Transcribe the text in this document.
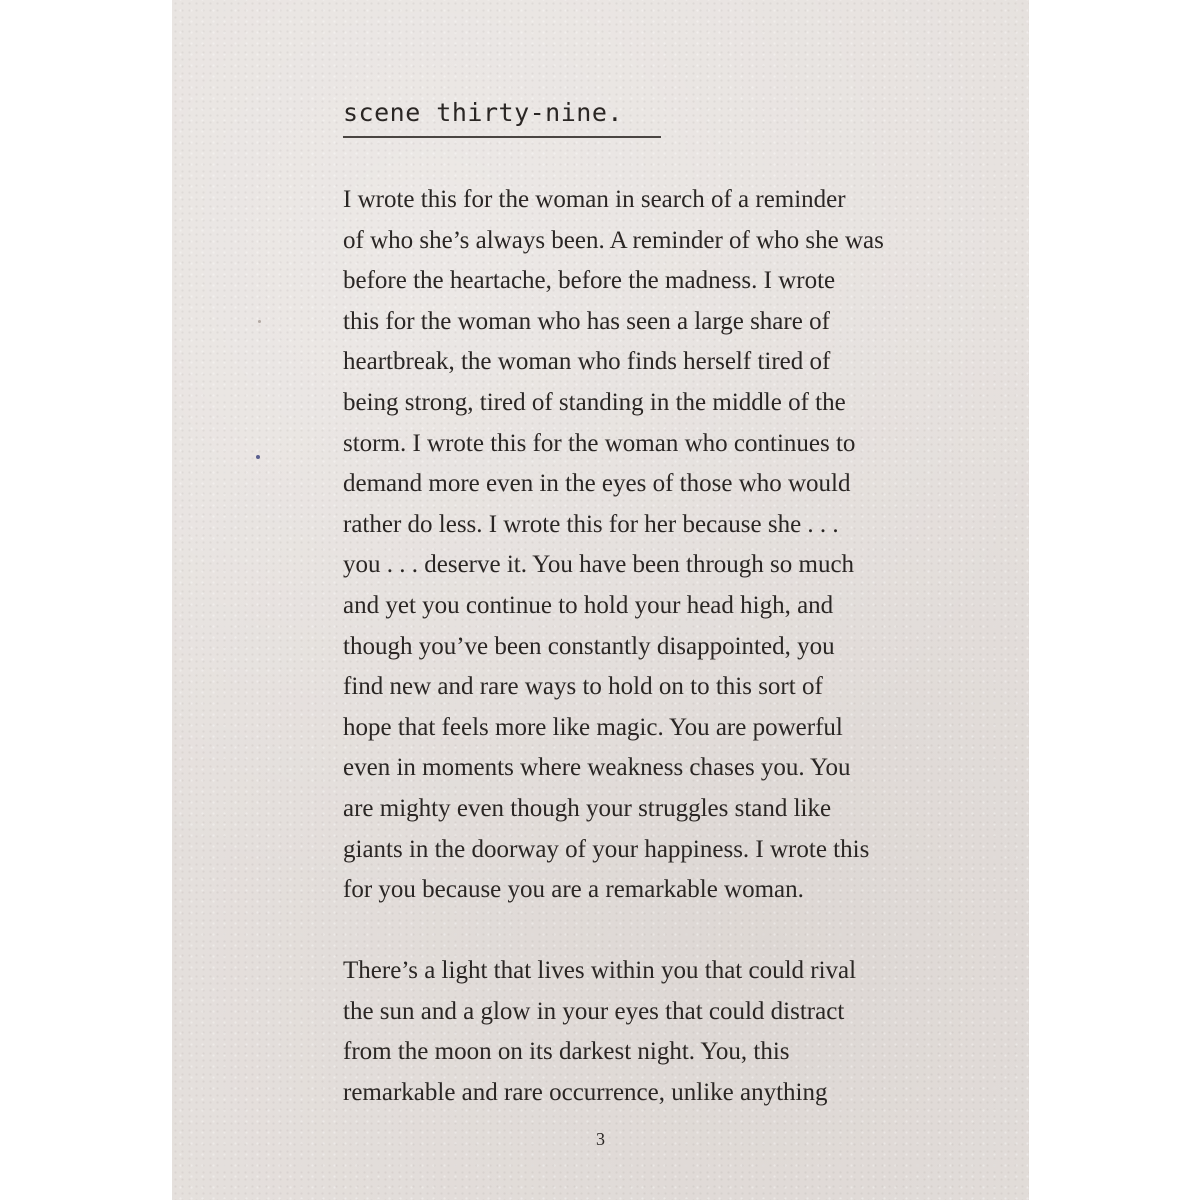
scene thirty-nine.

I wrote this for the woman in search of a reminder
of who she’s always been. A reminder of who she was
before the heartache, before the madness. I wrote
this for the woman who has seen a large share of
heartbreak, the woman who finds herself tired of
being strong, tired of standing in the middle of the
storm. I wrote this for the woman who continues to
demand more even in the eyes of those who would
rather do less. I wrote this for her because she . . .
you . . . deserve it. You have been through so much
and yet you continue to hold your head high, and
though you’ve been constantly disappointed, you
find new and rare ways to hold on to this sort of
hope that feels more like magic. You are powerful
even in moments where weakness chases you. You
are mighty even though your struggles stand like
giants in the doorway of your happiness. I wrote this
for you because you are a remarkable woman.

There’s a light that lives within you that could rival
the sun and a glow in your eyes that could distract
from the moon on its darkest night. You, this
remarkable and rare occurrence, unlike anything

3
